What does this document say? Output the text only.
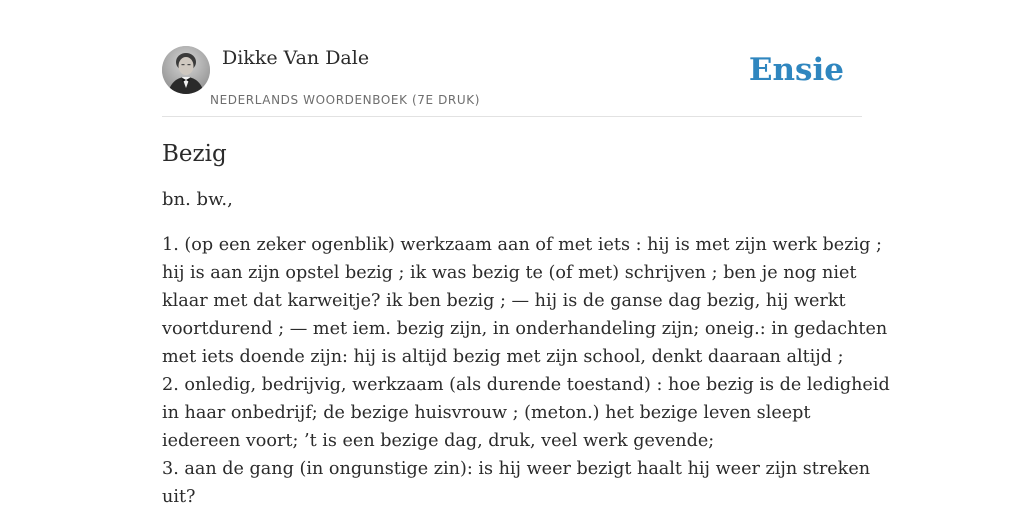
Dikke Van Dale
NEDERLANDS WOORDENBOEK (7E DRUK)
Ensie
Bezig

bn. bw.,

1. (op een zeker ogenblik) werkzaam aan of met iets : hij is met zijn werk bezig ;
hij is aan zijn opstel bezig ; ik was bezig te (of met) schrijven ; ben je nog niet
klaar met dat karweitje? ik ben bezig ; — hij is de ganse dag bezig, hij werkt
voortdurend ; — met iem. bezig zijn, in onderhandeling zijn; oneig.: in gedachten
met iets doende zijn: hij is altijd bezig met zijn school, denkt daaraan altijd ;
2. onledig, bedrijvig, werkzaam (als durende toestand) : hoe bezig is de ledigheid
in haar onbedrijf; de bezige huisvrouw ; (meton.) het bezige leven sleept
iedereen voort; ’t is een bezige dag, druk, veel werk gevende;
3. aan de gang (in ongunstige zin): is hij weer bezigt haalt hij weer zijn streken
uit?
